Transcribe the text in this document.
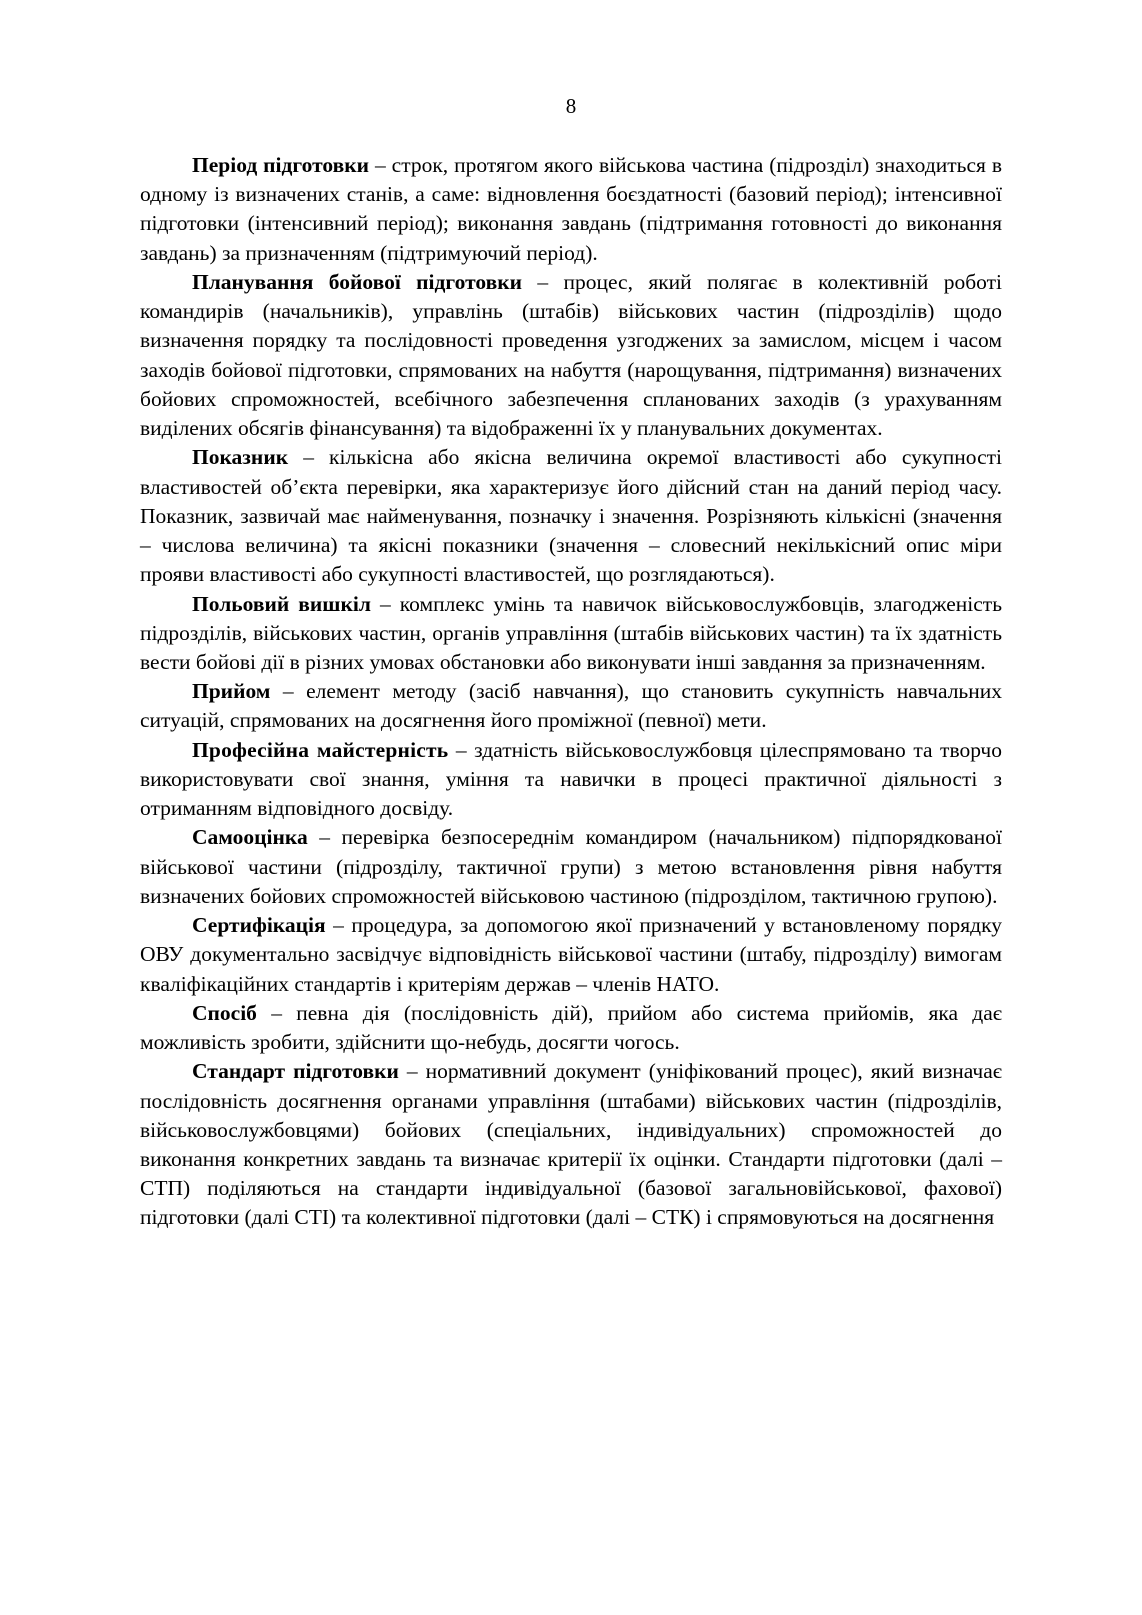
8

Період підготовки – строк, протягом якого військова частина (підрозділ) знаходиться в одному із визначених станів, а саме: відновлення боєздатності (базовий період); інтенсивної підготовки (інтенсивний період); виконання завдань (підтримання готовності до виконання завдань) за призначенням (підтримуючий період).

Планування бойової підготовки – процес, який полягає в колективній роботі командирів (начальників), управлінь (штабів) військових частин (підрозділів) щодо визначення порядку та послідовності проведення узгоджених за замислом, місцем і часом заходів бойової підготовки, спрямованих на набуття (нарощування, підтримання) визначених бойових спроможностей, всебічного забезпечення спланованих заходів (з урахуванням виділених обсягів фінансування) та відображенні їх у планувальних документах.

Показник – кількісна або якісна величина окремої властивості або сукупності властивостей об’єкта перевірки, яка характеризує його дійсний стан на даний період часу. Показник, зазвичай має найменування, позначку і значення. Розрізняють кількісні (значення – числова величина) та якісні показники (значення – словесний некількісний опис міри прояви властивості або сукупності властивостей, що розглядаються).

Польовий вишкіл – комплекс умінь та навичок військовослужбовців, злагодженість підрозділів, військових частин, органів управління (штабів військових частин) та їх здатність вести бойові дії в різних умовах обстановки або виконувати інші завдання за призначенням.

Прийом – елемент методу (засіб навчання), що становить сукупність навчальних ситуацій, спрямованих на досягнення його проміжної (певної) мети.

Професійна майстерність – здатність військовослужбовця цілеспрямовано та творчо використовувати свої знання, уміння та навички в процесі практичної діяльності з отриманням відповідного досвіду.

Самооцінка – перевірка безпосереднім командиром (начальником) підпорядкованої військової частини (підрозділу, тактичної групи) з метою встановлення рівня набуття визначених бойових спроможностей військовою частиною (підрозділом, тактичною групою).

Сертифікація – процедура, за допомогою якої призначений у встановленому порядку ОВУ документально засвідчує відповідність військової частини (штабу, підрозділу) вимогам кваліфікаційних стандартів і критеріям держав – членів НАТО.

Спосіб – певна дія (послідовність дій), прийом або система прийомів, яка дає можливість зробити, здійснити що-небудь, досягти чогось.

Стандарт підготовки – нормативний документ (уніфікований процес), який визначає послідовність досягнення органами управління (штабами) військових частин (підрозділів, військовослужбовцями) бойових (спеціальних, індивідуальних) спроможностей до виконання конкретних завдань та визначає критерії їх оцінки. Стандарти підготовки (далі – СТП) поділяються на стандарти індивідуальної (базової загальновійськової, фахової) підготовки (далі СТІ) та колективної підготовки (далі – СТК) і спрямовуються на досягнення
